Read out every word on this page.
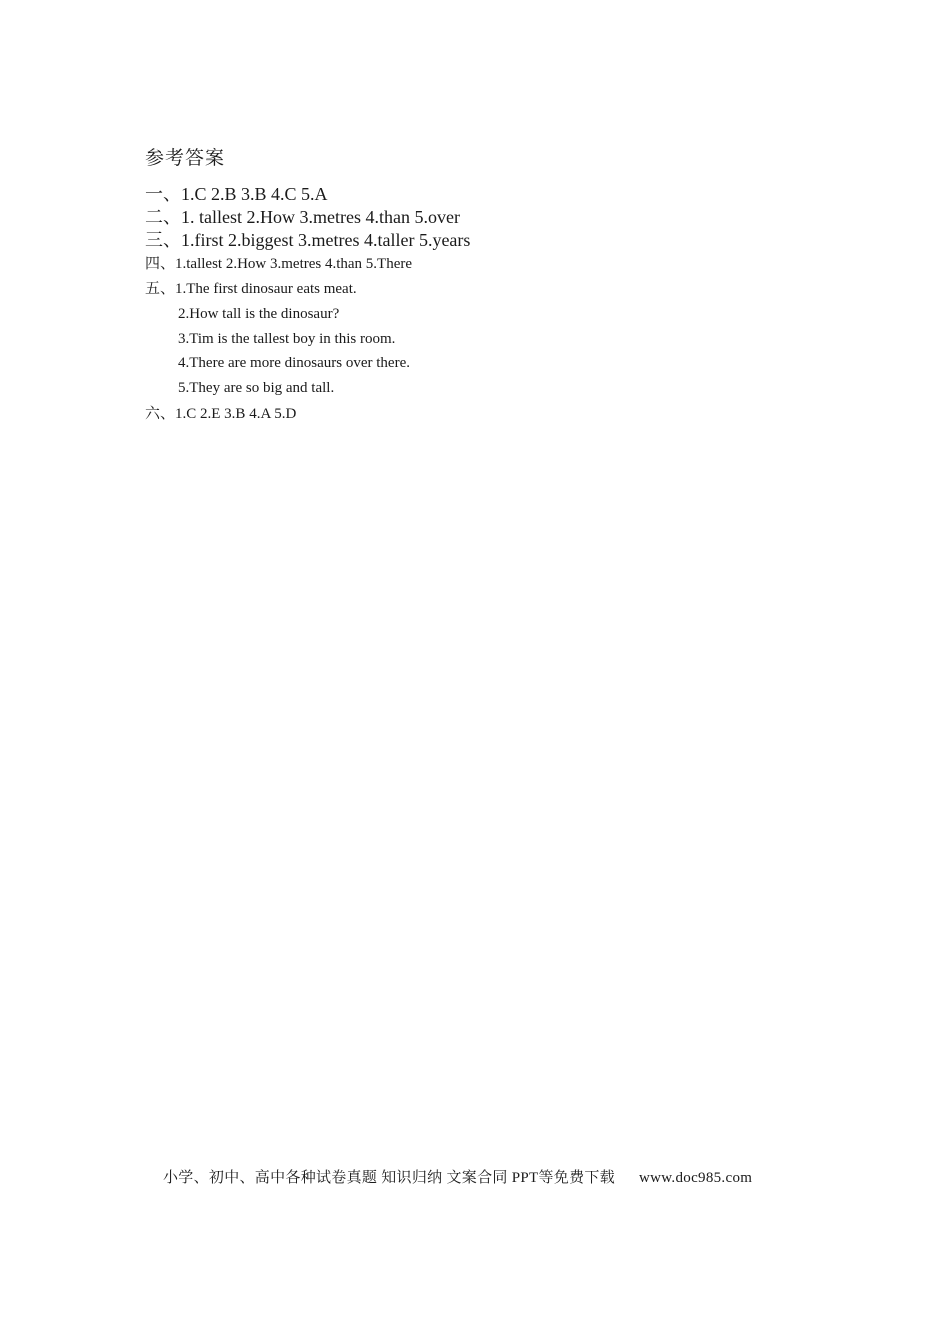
参考答案
一、1.C 2.B 3.B 4.C 5.A
二、1. tallest 2.How 3.metres 4.than 5.over
三、1.first 2.biggest 3.metres 4.taller 5.years
四、1.tallest 2.How 3.metres 4.than 5.There
五、1.The first dinosaur eats meat.
2.How tall is the dinosaur?
3.Tim is the tallest boy in this room.
4.There are more dinosaurs over there.
5.They are so big and tall.
六、1.C 2.E 3.B 4.A 5.D
小学、初中、高中各种试卷真题 知识归纳 文案合同 PPT等免费下载 www.doc985.com
